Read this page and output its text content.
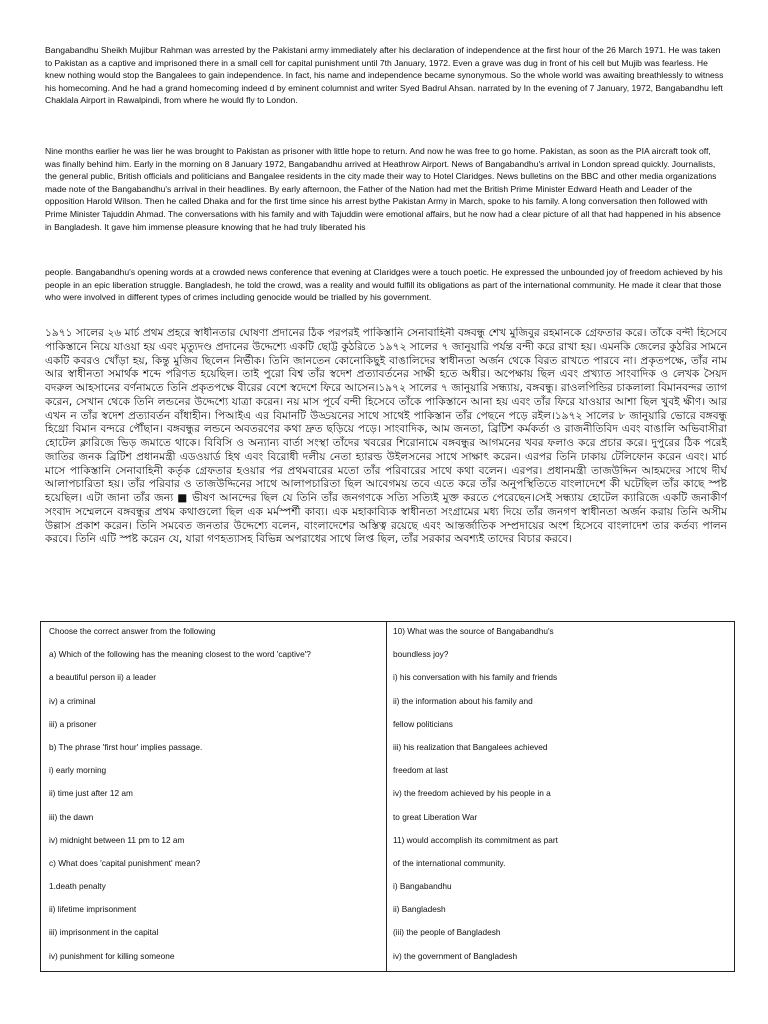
Bangabandhu Sheikh Mujibur Rahman was arrested by the Pakistani army immediately after his declaration of independence at the first hour of the 26 March 1971. He was taken to Pakistan as a captive and imprisoned there in a small cell for capital punishment until 7th January, 1972. Even a grave was dug in front of his cell but Mujib was fearless. He knew nothing would stop the Bangalees to gain independence. In fact, his name and independence became synonymous. So the whole world was awaiting breathlessly to witness his homecoming. And he had a grand homecoming indeed d by eminent columnist and writer Syed Badrul Ahsan. narrated by In the evening of 7 January, 1972, Bangabandhu left Chaklala Airport in Rawalpindi, from where he would fly to London.

Nine months earlier he was lier he was brought to Pakistan as prisoner with little hope to return. And now he was free to go home. Pakistan, as soon as the PIA aircraft took off, was finally behind him. Early in the morning on 8 January 1972, Bangabandhu arrived at Heathrow Airport. News of Bangabandhu's arrival in London spread quickly. Journalists, the general public, British officials and politicians and Bangalee residents in the city made their way to Hotel Claridges. News bulletins on the BBC and other media organizations made note of the Bangabandhu's arrival in their headlines. By early afternoon, the Father of the Nation had met the British Prime Minister Edward Heath and Leader of the opposition Harold Wilson. Then he called Dhaka and for the first time since his arrest bythe Pakistan Army in March, spoke to his family. A long conversation then followed with Prime Minister Tajuddin Ahmad. The conversations with his family and with Tajuddin were emotional affairs, but he now had a clear picture of all that had happened in his absence in Bangladesh. It gave him immense pleasure knowing that he had truly liberated his

people. Bangabandhu's opening words at a crowded news conference that evening at Claridges were a touch poetic. He expressed the unbounded joy of freedom achieved by his people in an epic liberation struggle. Bangladesh, he told the crowd, was a reality and would fulfill its obligations as part of the international community. He made it clear that those who were involved in different types of crimes including genocide would be trialled by his government.

১৯৭১ সালের ২৬ মার্চ প্রথম প্রহরে স্বাধীনতার ঘোষণা প্রদানের ঠিক পরপরই পাকিস্তানি সেনাবাহিনী বঙ্গবন্ধু শেখ মুজিবুর রহমানকে গ্রেফতার করে। তাঁকে বন্দী হিসেবে পাকিস্তানে নিয়ে যাওয়া হয় এবং মৃত্যুদণ্ড প্রদানের উদ্দেশ্যে একটি ছোট্ট কুঠরিতে ১৯৭২ সালের ৭ জানুয়ারি পর্যন্ত বন্দী করে রাখা হয়। এমনকি জেলের কুঠরির সামনে একটি কবরও খোঁড়া হয়, কিন্তু মুজিব ছিলেন নির্ভীক। তিনি জানতেন কোনোকিছুই বাঙালিদের স্বাধীনতা অর্জন থেকে বিরত রাখতে পারবে না। প্রকৃতপক্ষে, তাঁর নাম আর স্বাধীনতা সমার্থক শব্দে পরিণত হয়েছিল। তাই পুরো বিশ্ব তাঁর স্বদেশ প্রত্যাবর্তনের সাক্ষী হতে অধীর। অপেক্ষায় ছিল এবং প্রখ্যাত সাংবাদিক ও লেখক সৈয়দ বদরুল আহসানের বর্ণনামতে তিনি প্রকৃতপক্ষে বীরের বেশে স্বদেশে ফিরে আসেন।১৯৭২ সালের ৭ জানুয়ারি সন্ধ্যায়, বঙ্গবন্ধু। রাওলপিন্ডির চাকলালা বিমানবন্দর ত্যাগ করেন, সেখান থেকে তিনি লন্ডনের উদ্দেশ্যে যাত্রা করেন। নয় মাস পূর্বে বন্দী হিসেবে তাঁকে পাকিস্তানে আনা হয় এবং তাঁর ফিরে যাওয়ার আশা ছিল খুবই ক্ষীণ। আর এখন ন তাঁর স্বদেশ প্রত্যাবর্তন বাঁধাহীন। পিআইএ এর বিমানটি উড্ডয়নের সাথে সাথেই পাকিস্তান তাঁর পেছনে পড়ে রইল।১৯৭২ সালের ৮ জানুয়ারি ভোরে বঙ্গবন্ধু হিথ্রো বিমান বন্দরে পৌঁছান। বঙ্গবন্ধুর লন্ডনে অবতরণের কথা দ্রুত ছড়িয়ে পড়ে। সাংবাদিক, আম জনতা, ব্রিটিশ কর্মকর্তা ও রাজনীতিবিদ এবং বাঙালি অভিবাসীরা হোটেল ক্লারিজে ভিড় জমাতে থাকে। বিবিসি ও অন্যান্য বার্তা সংস্থা তাঁদের খবরের শিরোনামে বঙ্গবন্ধুর আগমনের খবর ফলাও করে প্রচার করে। দুপুরের ঠিক পরেই জাতির জনক ব্রিটিশ প্রধানমন্ত্রী এডওয়ার্ড হিথ এবং বিরোধী দলীয় নেতা হ্যারল্ড উইলসনের সাথে সাক্ষাৎ করেন। এরপর তিনি ঢাকায় টেলিফোন করেন এবং। মার্চ মাসে পাকিস্তানি সেনাবাহিনী কর্তৃক গ্রেফতার হওয়ার পর প্রথমবারের মতো তাঁর পরিবারের সাথে কথা বলেন। এরপর। প্রধানমন্ত্রী তাজউদ্দিন আহমদের সাথে দীর্ঘ আলাপচারিতা হয়। তাঁর পরিবার ও তাজউদ্দিনের সাথে আলাপচারিতা ছিল আবেগময় তবে এতে করে তাঁর অনুপস্থিতিতে বাংলাদেশে কী ঘটেছিল তাঁর কাছে স্পষ্ট হয়েছিল। এটা জানা তাঁর জন্য ■ ভীষণ আনন্দের ছিল যে তিনি তাঁর জনগণকে সত্যি সত্যিই মুক্ত করতে পেরেছেন।সেই সন্ধ্যায় হোটেল ক্যারিজে একটি জনাকীর্ণ সংবাদ সম্মেলনে বঙ্গবন্ধুর প্রথম কথাগুলো ছিল এক মর্মস্পর্শী কাব্য। এক মহাকাব্যিক স্বাধীনতা সংগ্রামের মধ্য দিয়ে তাঁর জনগণ স্বাধীনতা অর্জন করায় তিনি অসীম উল্লাস প্রকাশ করেন। তিনি সমবেত জনতার উদ্দেশ্যে বলেন, বাংলাদেশের অস্তিত্ব রয়েছে এবং আন্তর্জাতিক সম্প্রদায়ের অংশ হিসেবে বাংলাদেশ তার কর্তব্য পালন করবে। তিনি এটি স্পষ্ট করেন যে, যারা গণহত্যাসহ বিভিন্ন অপরাধের সাথে লিপ্ত ছিল, তাঁর সরকার অবশ্যই তাদের বিচার করবে।

Choose the correct answer from the following
a) Which of the following has the meaning closest to the word 'captive'?
a beautiful person ii) a leader
iv) a criminal
iii) a prisoner
b) The phrase 'first hour' implies passage.
i) early morning
ii) time just after 12 am
iii) the dawn
iv) midnight between 11 pm to 12 am
c) What does 'capital punishment' mean?
1.death penalty
ii) lifetime imprisonment
iii) imprisonment in the capital
iv) punishment for killing someone
10) What was the source of Bangabandhu's
boundless joy?
i) his conversation with his family and friends
ii) the information about his family and
fellow politicians
iii) his realization that Bangalees achieved
freedom at last
iv) the freedom achieved by his people in a
to great Liberation War
11) would accomplish its commitment as part
of the international community.
i) Bangabandhu
ii) Bangladesh
(iii) the people of Bangladesh
iv) the government of Bangladesh
